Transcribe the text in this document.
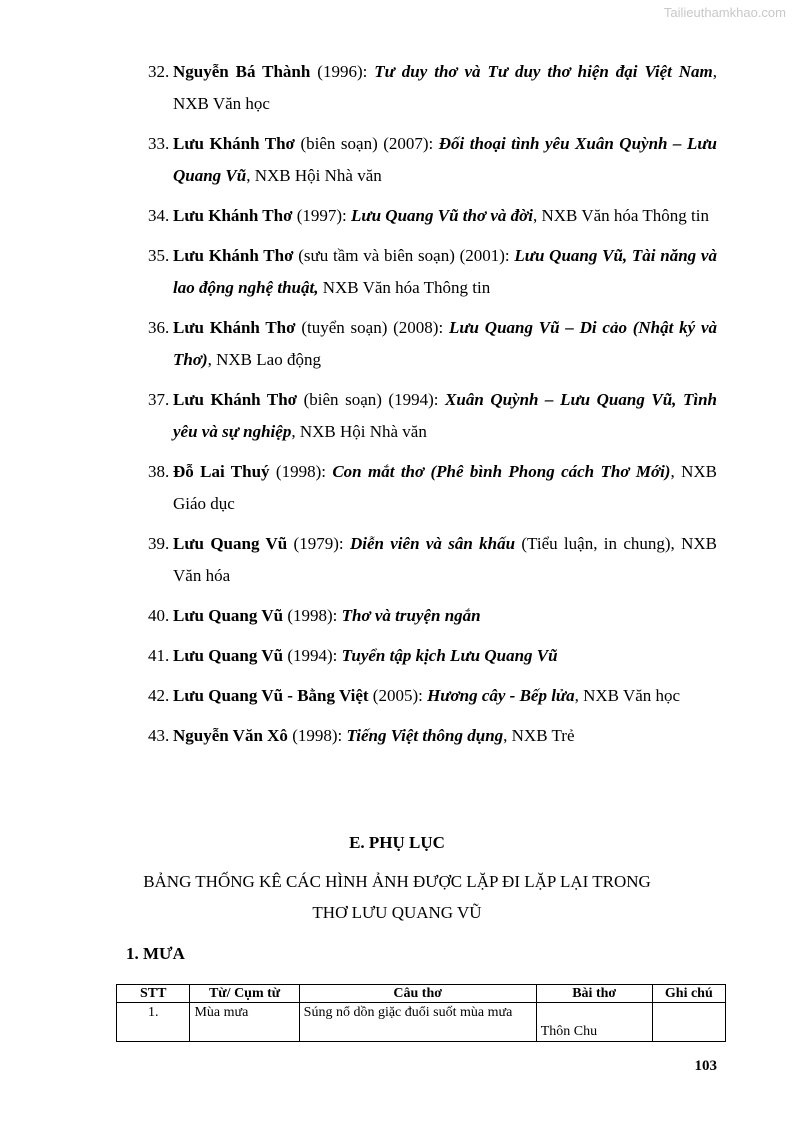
Tailieuthamkhao.com
32. Nguyễn Bá Thành (1996): Tư duy thơ và Tư duy thơ hiện đại Việt Nam, NXB Văn học
33. Lưu Khánh Thơ (biên soạn) (2007): Đối thoại tình yêu Xuân Quỳnh – Lưu Quang Vũ, NXB Hội Nhà văn
34. Lưu Khánh Thơ (1997): Lưu Quang Vũ thơ và đời, NXB Văn hóa Thông tin
35. Lưu Khánh Thơ (sưu tầm và biên soạn) (2001): Lưu Quang Vũ, Tài năng và lao động nghệ thuật, NXB Văn hóa Thông tin
36. Lưu Khánh Thơ (tuyển soạn) (2008): Lưu Quang Vũ – Di cảo (Nhật ký và Thơ), NXB Lao động
37. Lưu Khánh Thơ (biên soạn) (1994): Xuân Quỳnh – Lưu Quang Vũ, Tình yêu và sự nghiệp, NXB Hội Nhà văn
38. Đỗ Lai Thuý (1998): Con mắt thơ (Phê bình Phong cách Thơ Mới), NXB Giáo dục
39. Lưu Quang Vũ (1979): Diễn viên và sân khấu (Tiểu luận, in chung), NXB Văn hóa
40. Lưu Quang Vũ (1998): Thơ và truyện ngắn
41. Lưu Quang Vũ (1994): Tuyển tập kịch Lưu Quang Vũ
42. Lưu Quang Vũ - Bằng Việt (2005): Hương cây - Bếp lửa, NXB Văn học
43. Nguyễn Văn Xô (1998): Tiếng Việt thông dụng, NXB Trẻ
E. PHỤ LỤC
BẢNG THỐNG KÊ CÁC HÌNH ẢNH ĐƯỢC LẶP ĐI LẶP LẠI TRONG
THƠ LƯU QUANG VŨ
1. MƯA
STT	Từ/ Cụm từ	Câu thơ	Bài thơ	Ghi chú
1.	Mùa mưa	Súng nổ dồn giặc đuổi suốt mùa mưa	Thôn Chu	
103
